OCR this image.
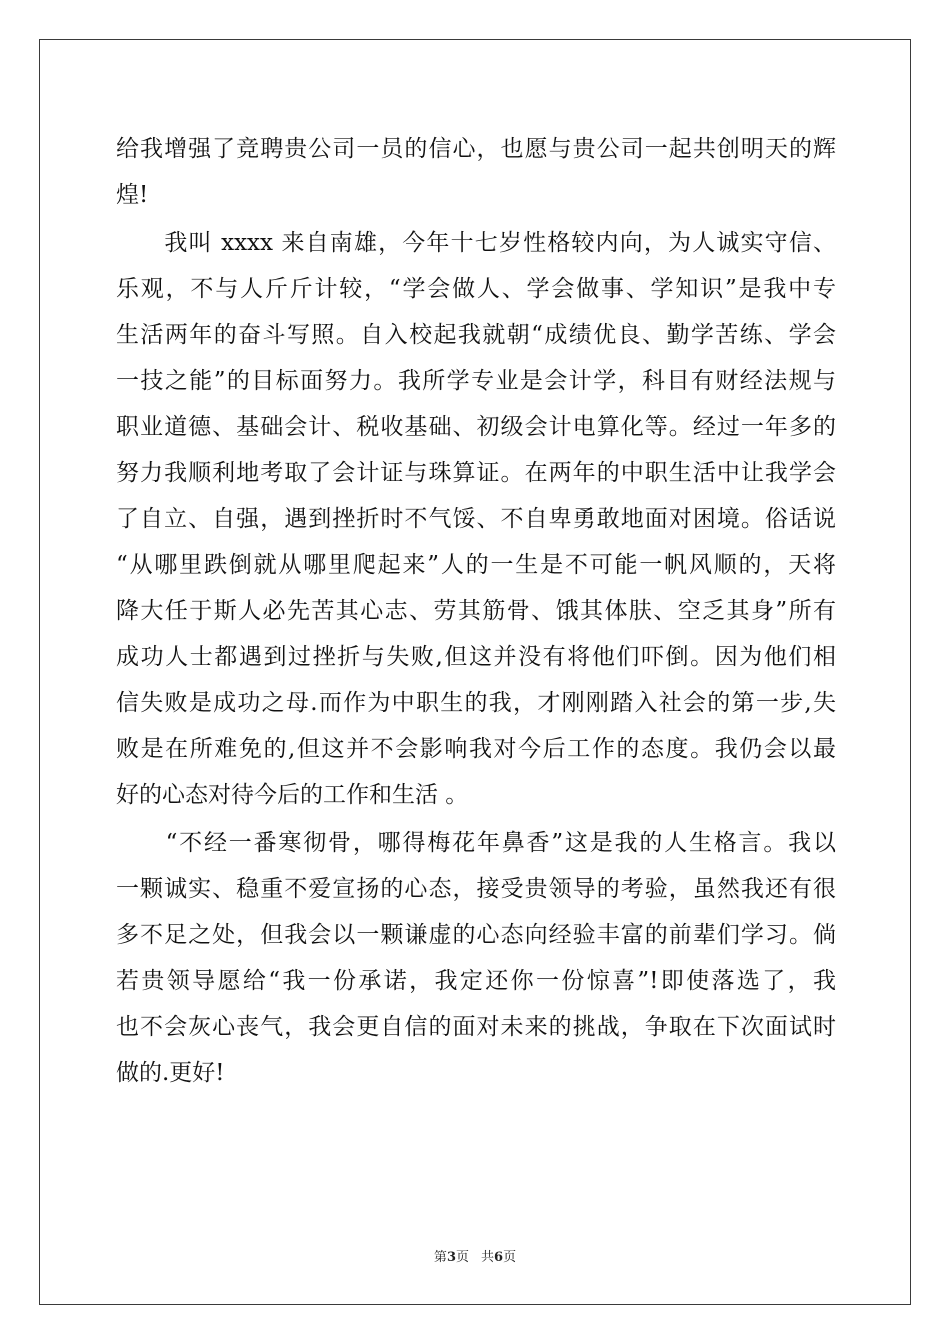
给我增强了竞聘贵公司一员的信心，也愿与贵公司一起共创明天的辉
煌!
　　我叫 xxxx 来自南雄，今年十七岁性格较内向，为人诚实守信、
乐观，不与人斤斤计较，“学会做人、学会做事、学知识”是我中专
生活两年的奋斗写照。自入校起我就朝“成绩优良、勤学苦练、学会
一技之能”的目标面努力。我所学专业是会计学，科目有财经法规与
职业道德、基础会计、税收基础、初级会计电算化等。经过一年多的
努力我顺利地考取了会计证与珠算证。在两年的中职生活中让我学会
了自立、自强，遇到挫折时不气馁、不自卑勇敢地面对困境。俗话说
“从哪里跌倒就从哪里爬起来”人的一生是不可能一帆风顺的，天将
降大任于斯人必先苦其心志、劳其筋骨、饿其体肤、空乏其身”所有
成功人士都遇到过挫折与失败,但这并没有将他们吓倒。因为他们相
信失败是成功之母.而作为中职生的我，才刚刚踏入社会的第一步,失
败是在所难免的,但这并不会影响我对今后工作的态度。我仍会以最
好的心态对待今后的工作和生活 。
　　“不经一番寒彻骨，哪得梅花年鼻香”这是我的人生格言。我以
一颗诚实、稳重不爱宣扬的心态，接受贵领导的考验，虽然我还有很
多不足之处，但我会以一颗谦虚的心态向经验丰富的前辈们学习。倘
若贵领导愿给“我一份承诺，我定还你一份惊喜”!即使落选了，我
也不会灰心丧气，我会更自信的面对未来的挑战，争取在下次面试时
做的.更好!
第3页 共6页
